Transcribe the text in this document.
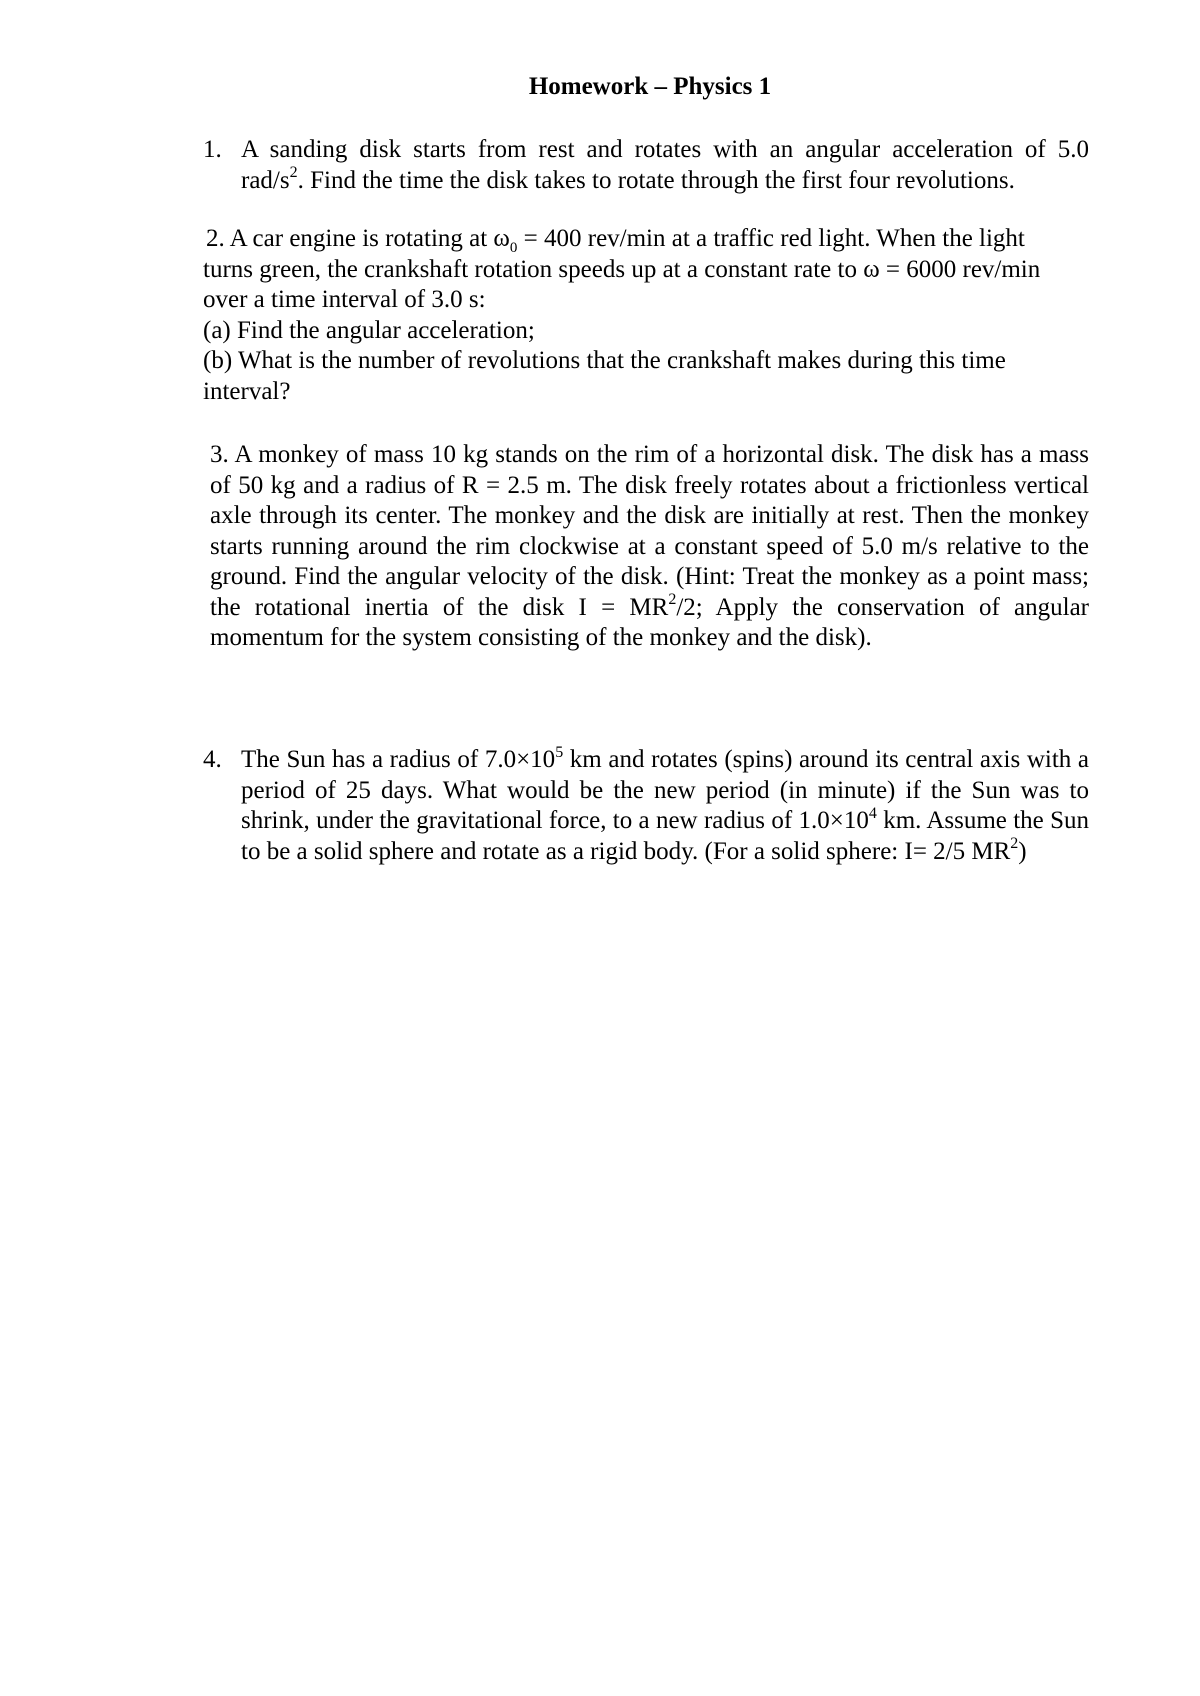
Homework – Physics 1
1. A sanding disk starts from rest and rotates with an angular acceleration of 5.0
rad/$s^2$. Find the time the disk takes to rotate through the first four revolutions.
2. A car engine is rotating at $\omega_0 = 400$ rev/min at a traffic red light. When the light
turns green, the crankshaft rotation speeds up at a constant rate to ω = 6000 rev/min
over a time interval of 3.0 s:
(a) Find the angular acceleration;
(b) What is the number of revolutions that the crankshaft makes during this time
interval?
3. A monkey of mass 10 kg stands on the rim of a horizontal disk. The disk has a mass of 50 kg and a radius of R = 2.5 m. The disk freely rotates about a frictionless vertical axle through its center. The monkey and the disk are initially at rest. Then the monkey starts running around the rim clockwise at a constant speed of 5.0 m/s relative to the ground. Find the angular velocity of the disk. (Hint: Treat the monkey as a point mass; the rotational inertia of the disk $I = MR^2/2$; Apply the conservation of angular momentum for the system consisting of the monkey and the disk).
4. The Sun has a radius of $7.0\times 10^5$ km and rotates (spins) around its central axis with a period of 25 days. What would be the new period (in minute) if the Sun was to shrink, under the gravitational force, to a new radius of $1.0\times 10^4$ km. Assume the Sun to be a solid sphere and rotate as a rigid body. (For a solid sphere: I= 2/5 $MR^2$)
